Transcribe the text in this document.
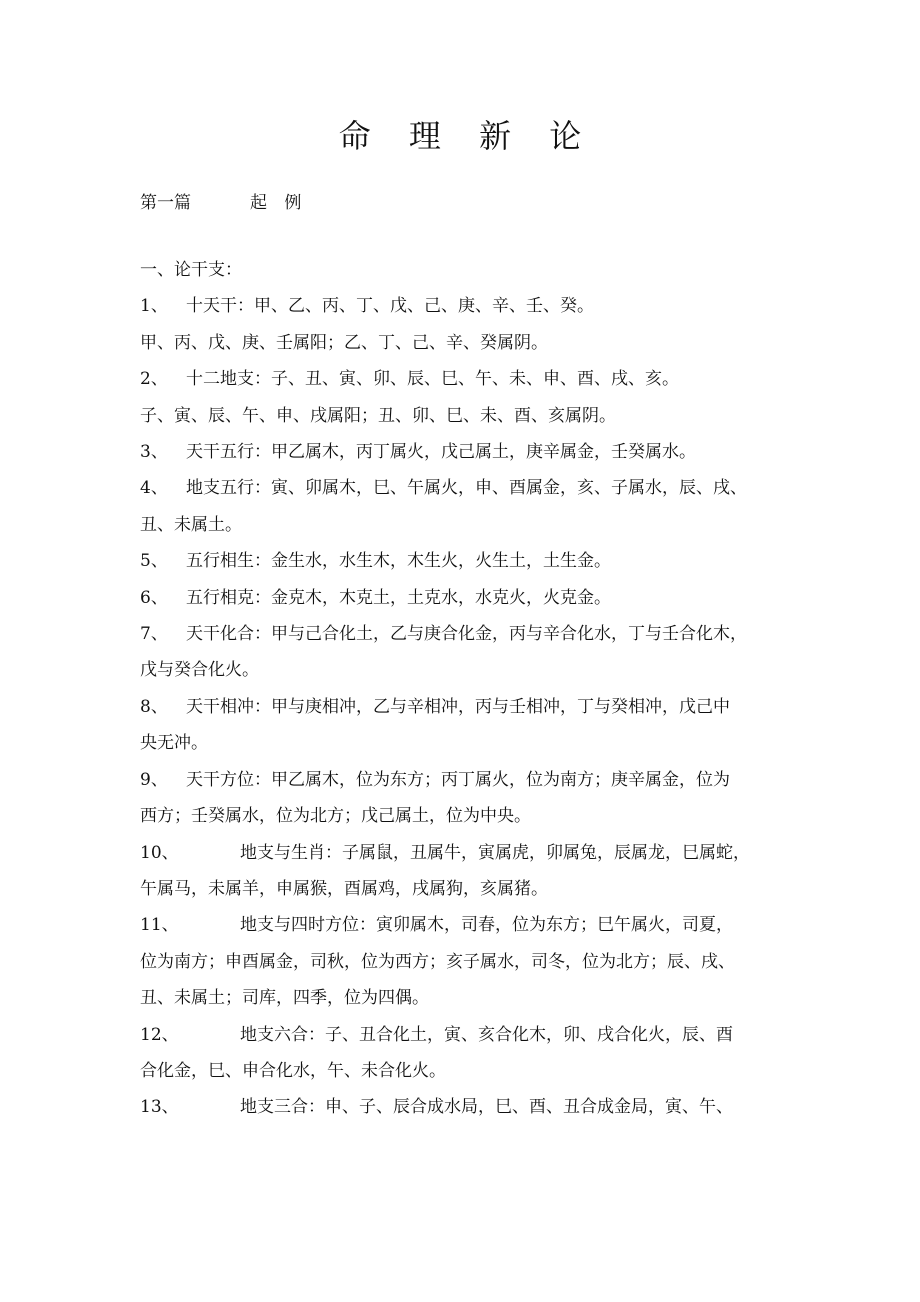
命 理 新 论
第一篇	起 例

一、论干支：

1、 十天干：甲、乙、丙、丁、戊、己、庚、辛、壬、癸。

甲、丙、戊、庚、壬属阳；乙、丁、己、辛、癸属阴。

2、 十二地支：子、丑、寅、卯、辰、巳、午、未、申、酉、戌、亥。

子、寅、辰、午、申、戌属阳；丑、卯、巳、未、酉、亥属阴。

3、 天干五行：甲乙属木，丙丁属火，戊己属土，庚辛属金，壬癸属水。

4、 地支五行：寅、卯属木，巳、午属火，申、酉属金，亥、子属水，辰、戌、

丑、未属土。

5、 五行相生：金生水，水生木，木生火，火生土，土生金。

6、 五行相克：金克木，木克土，土克水，水克火，火克金。

7、 天干化合：甲与己合化土，乙与庚合化金，丙与辛合化水，丁与壬合化木，

戊与癸合化火。

8、 天干相冲：甲与庚相冲，乙与辛相冲，丙与壬相冲，丁与癸相冲，戊己中

央无冲。

9、 天干方位：甲乙属木，位为东方；丙丁属火，位为南方；庚辛属金，位为

西方；壬癸属水，位为北方；戊己属土，位为中央。

10、	地支与生肖：子属鼠，丑属牛，寅属虎，卯属兔，辰属龙，巳属蛇，

午属马，未属羊，申属猴，酉属鸡，戌属狗，亥属猪。

11、	地支与四时方位：寅卯属木，司春，位为东方；巳午属火，司夏，

位为南方；申酉属金，司秋，位为西方；亥子属水，司冬，位为北方；辰、戌、

丑、未属土；司库，四季，位为四偶。

12、	地支六合：子、丑合化土，寅、亥合化木，卯、戌合化火，辰、酉

合化金，巳、申合化水，午、未合化火。

13、	地支三合：申、子、辰合成水局，巳、酉、丑合成金局，寅、午、
